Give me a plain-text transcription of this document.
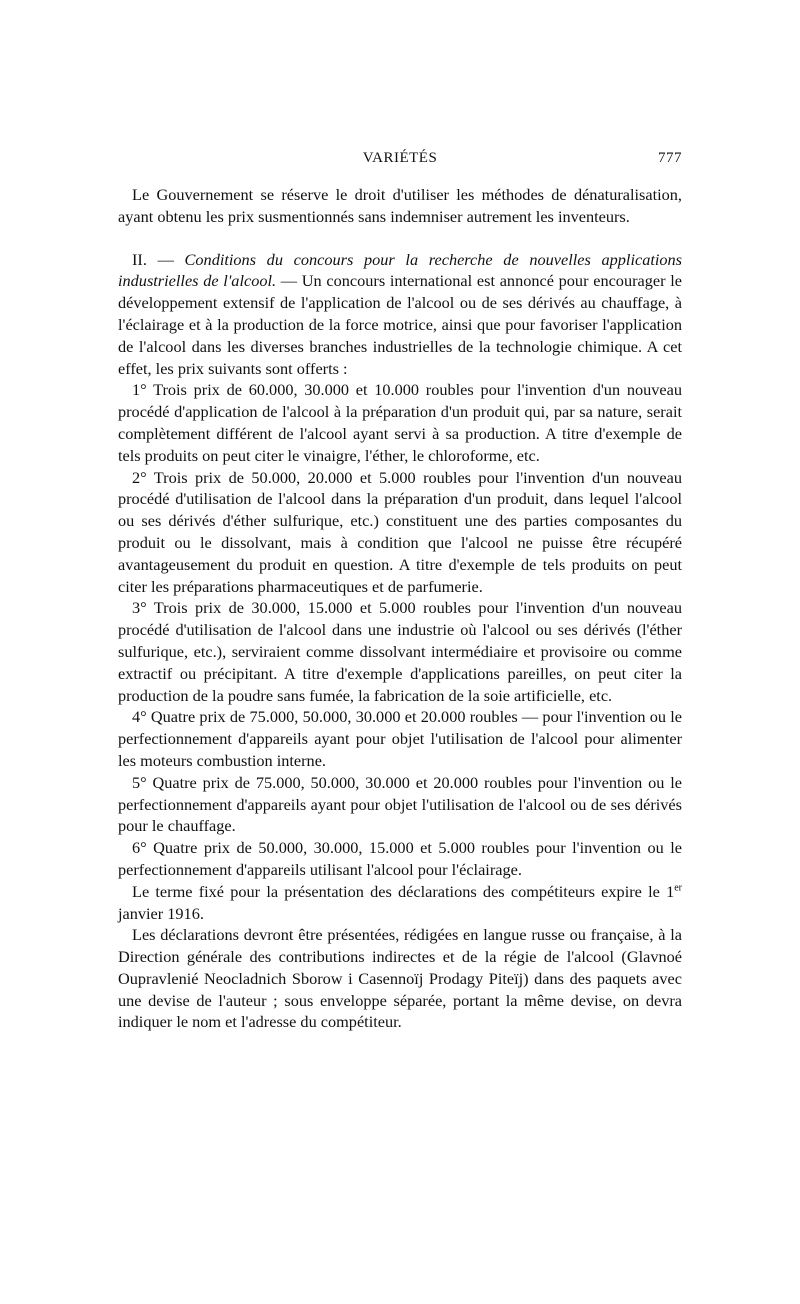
VARIÉTÉS	777

Le Gouvernement se réserve le droit d'utiliser les méthodes de dénaturalisation, ayant obtenu les prix susmentionnés sans indemniser autrement les inventeurs.

II. — Conditions du concours pour la recherche de nouvelles applications industrielles de l'alcool. — Un concours international est annoncé pour encourager le développement extensif de l'application de l'alcool ou de ses dérivés au chauffage, à l'éclairage et à la production de la force motrice, ainsi que pour favoriser l'application de l'alcool dans les diverses branches industrielles de la technologie chimique. A cet effet, les prix suivants sont offerts :

1° Trois prix de 60.000, 30.000 et 10.000 roubles pour l'invention d'un nouveau procédé d'application de l'alcool à la préparation d'un produit qui, par sa nature, serait complètement différent de l'alcool ayant servi à sa production. A titre d'exemple de tels produits on peut citer le vinaigre, l'éther, le chloroforme, etc.

2° Trois prix de 50.000, 20.000 et 5.000 roubles pour l'invention d'un nouveau procédé d'utilisation de l'alcool dans la préparation d'un produit, dans lequel l'alcool ou ses dérivés d'éther sulfurique, etc.) constituent une des parties composantes du produit ou le dissolvant, mais à condition que l'alcool ne puisse être récupéré avantageusement du produit en question. A titre d'exemple de tels produits on peut citer les préparations pharmaceutiques et de parfumerie.

3° Trois prix de 30.000, 15.000 et 5.000 roubles pour l'invention d'un nouveau procédé d'utilisation de l'alcool dans une industrie où l'alcool ou ses dérivés (l'éther sulfurique, etc.), serviraient comme dissolvant intermédiaire et provisoire ou comme extractif ou précipitant. A titre d'exemple d'applications pareilles, on peut citer la production de la poudre sans fumée, la fabrication de la soie artificielle, etc.

4° Quatre prix de 75.000, 50.000, 30.000 et 20.000 roubles — pour l'invention ou le perfectionnement d'appareils ayant pour objet l'utilisation de l'alcool pour alimenter les moteurs combustion interne.

5° Quatre prix de 75.000, 50.000, 30.000 et 20.000 roubles pour l'invention ou le perfectionnement d'appareils ayant pour objet l'utilisation de l'alcool ou de ses dérivés pour le chauffage.

6° Quatre prix de 50.000, 30.000, 15.000 et 5.000 roubles pour l'invention ou le perfectionnement d'appareils utilisant l'alcool pour l'éclairage.

Le terme fixé pour la présentation des déclarations des compétiteurs expire le 1er janvier 1916.

Les déclarations devront être présentées, rédigées en langue russe ou française, à la Direction générale des contributions indirectes et de la régie de l'alcool (Glavnoé Oupravlenié Neocladnich Sborow i Casennoïj Prodagy Piteïj) dans des paquets avec une devise de l'auteur ; sous enveloppe séparée, portant la même devise, on devra indiquer le nom et l'adresse du compétiteur.
